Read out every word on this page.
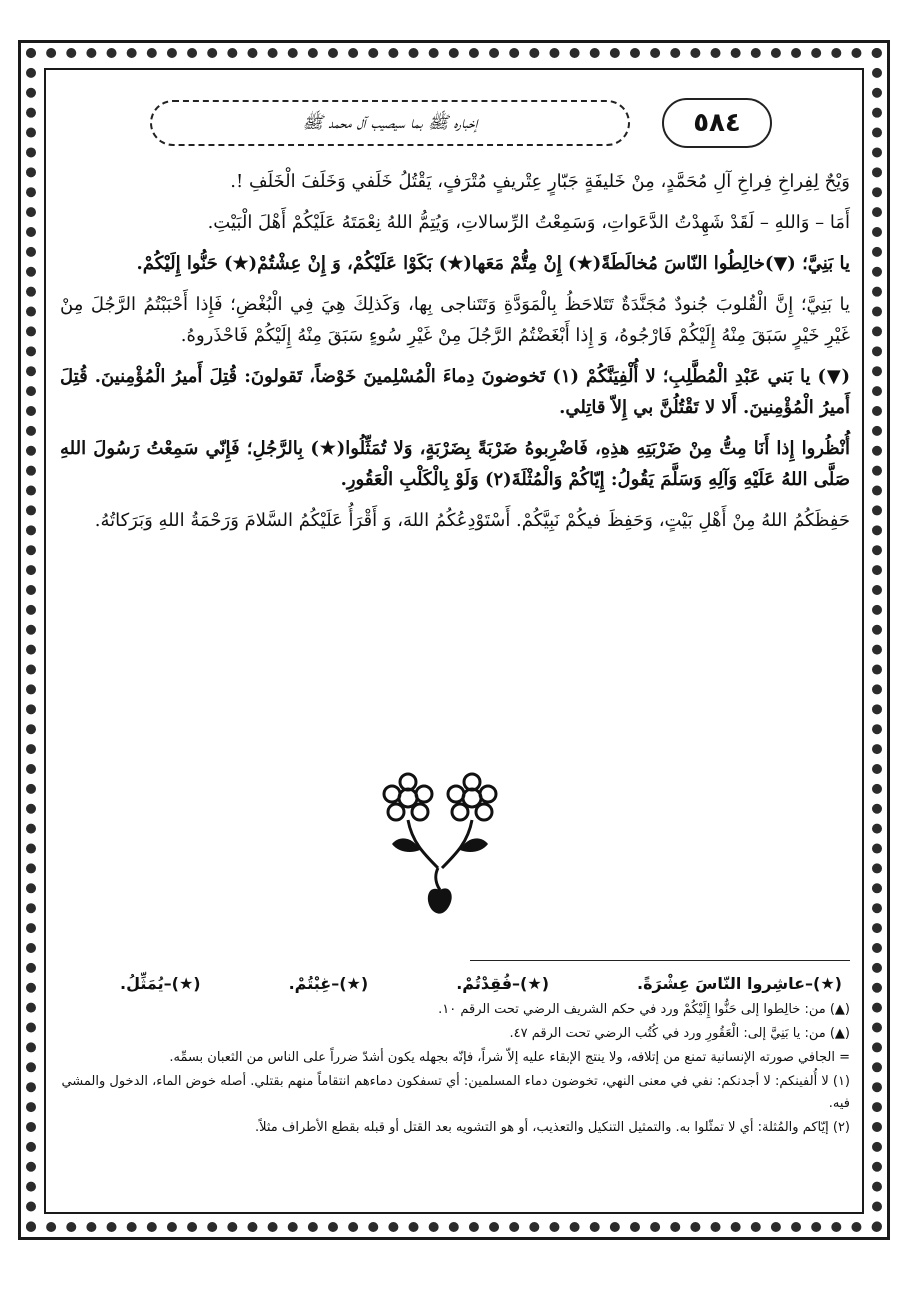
إخباره ﷺ بما سيصيب آل محمد ﷺ	٥٨٤

وَيْحٌ لِفِراخِ فِراخِ آلِ مُحَمَّدٍ، مِنْ خَليفَةٍ جَبّارٍ عِتْريفٍ مُتْرَفٍ، يَقْتُلُ خَلَفي وَخَلَفَ الْخَلَفِ !.

أَمَا – وَاللهِ – لَقَدْ شَهِدْتُ الدَّعَواتِ، وَسَمِعْتُ الرِّسالاتِ، وَيُتِمُّ اللهُ نِعْمَتَهُ عَلَيْكُمْ أَهْلَ الْبَيْتِ.

يا بَنِيَّ؛ (▼)خالِطُوا النّاسَ مُخالَطَةً(★) إِنْ مِتُّمْ مَعَها(★) بَكَوْا عَلَيْكُمْ، وَ إِنْ عِشْتُمْ(★) حَنُّوا إِلَيْكُمْ.

يا بَنِيَّ؛ إِنَّ الْقُلوبَ جُنودٌ مُجَنَّدَةٌ تَتَلاحَظُ بِالْمَوَدَّةِ وَتَتَناجى بِها، وَكَذلِكَ هِيَ فِي الْبُغْضِ؛ فَإِذا أَحْبَبْتُمُ الرَّجُلَ مِنْ غَيْرِ خَيْرٍ سَبَقَ مِنْهُ إِلَيْكُمْ فَارْجُوهُ، وَ إِذا أَبْغَضْتُمُ الرَّجُلَ مِنْ غَيْرِ سُوءٍ سَبَقَ مِنْهُ إِلَيْكُمْ فَاحْذَروهُ.

(▼) يا بَني عَبْدِ الْمُطَّلِبِ؛ لا أُلْفِيَنَّكُمْ (١) تَخوضونَ دِماءَ الْمُسْلِمينَ خَوْضاً، تَقولونَ: قُتِلَ أَميرُ الْمُؤْمِنينَ. قُتِلَ أَميرُ الْمُؤْمِنينَ. أَلا لا تَقْتُلُنَّ بي إِلاّ قاتِلي.

أُنْظُروا إِذا أَنَا مِتُّ مِنْ ضَرْبَتِهِ هذِهِ، فَاضْرِبوهُ ضَرْبَةً بِضَرْبَةٍ، وَلا تُمَثِّلُوا(★) بِالرَّجُلِ؛ فَإِنّي سَمِعْتُ رَسُولَ اللهِ صَلَّى اللهُ عَلَيْهِ وَآلِهِ وَسَلَّمَ يَقُولُ: إِيّاكُمْ وَالْمُثْلَةَ(٢) وَلَوْ بِالْكَلْبِ الْعَقُورِ.

حَفِظَكُمُ اللهُ مِنْ أَهْلِ بَيْتٍ، وَحَفِظَ فيكُمْ نَبِيَّكُمْ. أَسْتَوْدِعُكُمُ اللهَ، وَ أَقْرَأُ عَلَيْكُمُ السَّلامَ وَرَحْمَةُ اللهِ وَبَرَكاتُهُ.

(★)–عاشِروا النّاسَ عِشْرَةً.
(★)–فُقِدْتُمْ.
(★)–غِبْتُمْ.
(★)–يُمَثِّلُ.
(▲) من: خالِطوا إلى حَنُّوا إِلَيْكُمْ ورد في حكم الشريف الرضي تحت الرقم ١٠.
(▲) من: يا بَنِيَّ إلى: الْعَقُورِ ورد في كُتُب الرضي تحت الرقم ٤٧.
= الجافي صورته الإنسانية تمنع من إتلافه، ولا ينتج الإبقاء عليه إلاّ شراً، فإنّه بجهله يكون أشدّ ضرراً على الناس من الثعبان بسمِّه.
(١) لا أُلفينكم: لا أجدنكم: نفي في معنى النهي، تخوضون دماء المسلمين: أي تسفكون دماءهم انتقاماً منهم بقتلي. أصله خوض الماء، الدخول والمشي فيه.
(٢) إيّاكم والمُثلة: أي لا تمثّلوا به. والتمثيل التنكيل والتعذيب، أو هو التشويه بعد القتل أو قبله بقطع الأطراف مثلاً.
